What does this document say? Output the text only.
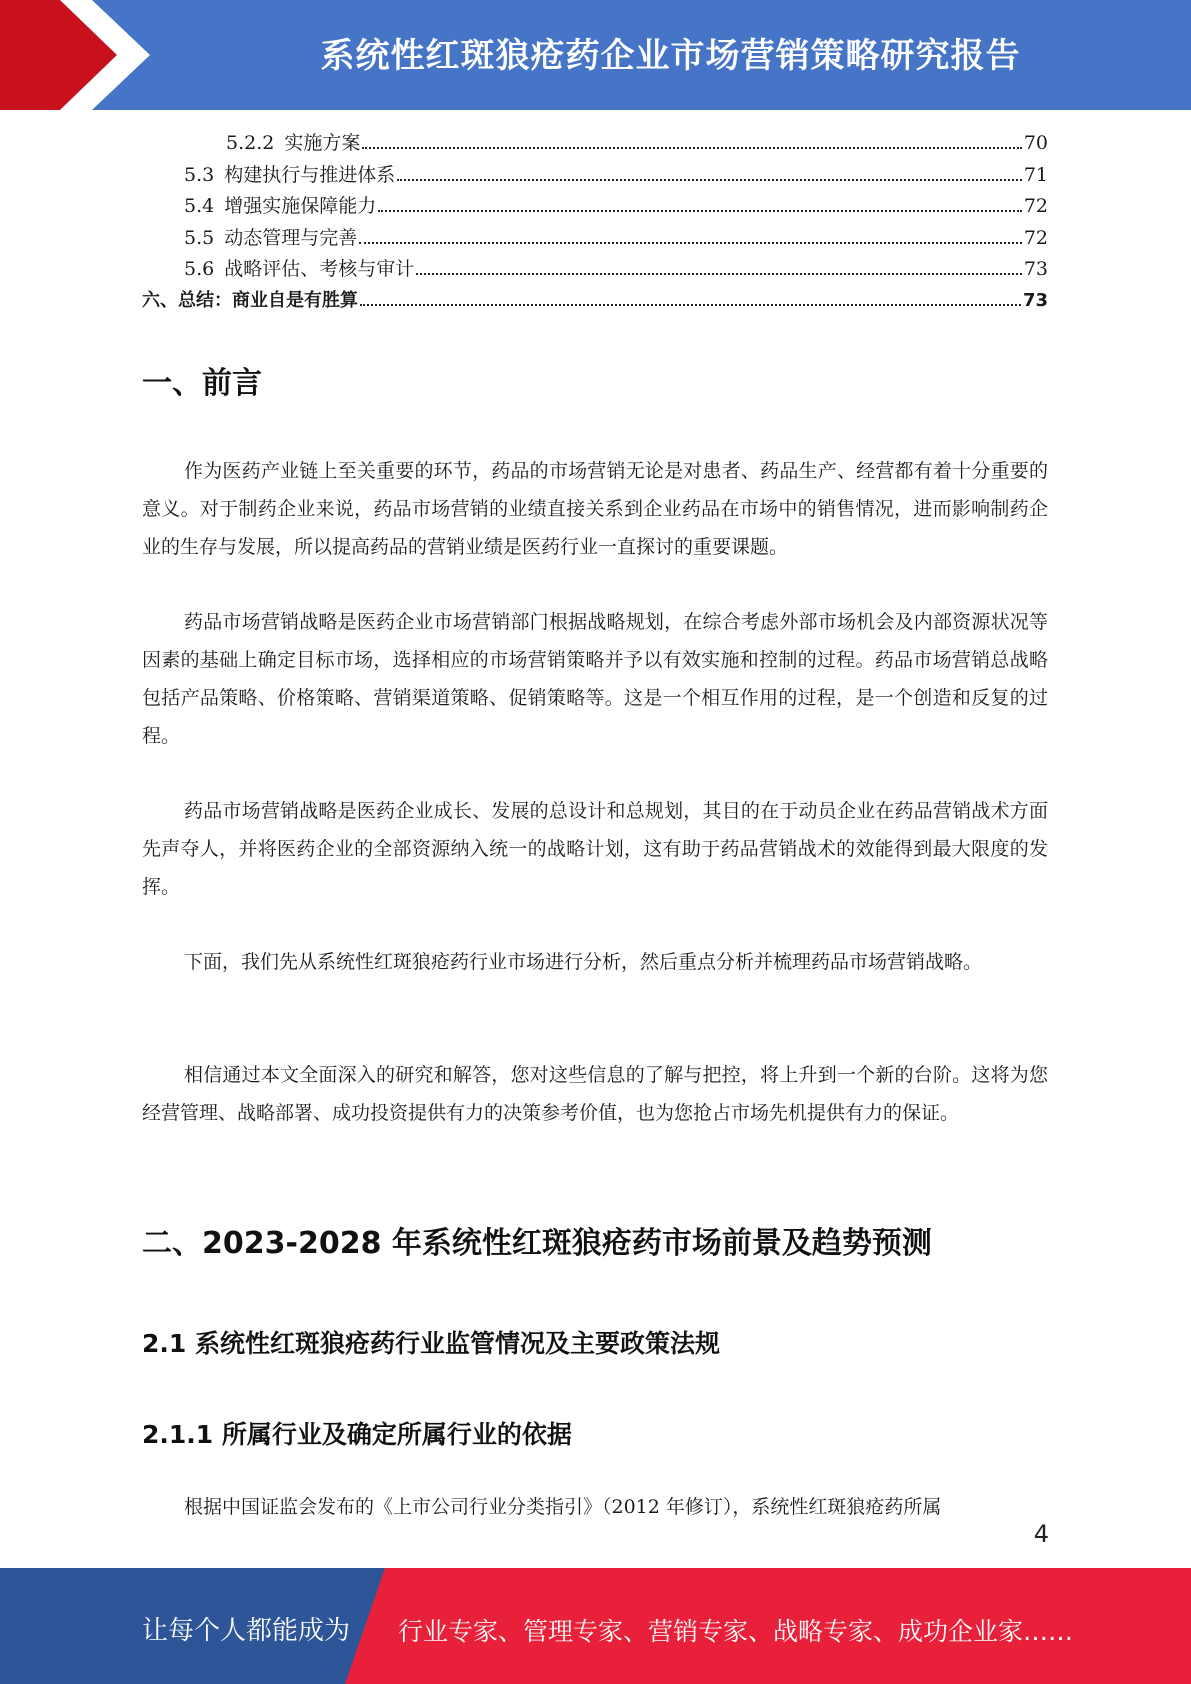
系统性红斑狼疮药企业市场营销策略研究报告
5.2.2 实施方案	70
5.3 构建执行与推进体系	71
5.4 增强实施保障能力	72
5.5 动态管理与完善	72
5.6 战略评估、考核与审计	73
六、总结：商业自是有胜算	73
一、前言

作为医药产业链上至关重要的环节，药品的市场营销无论是对患者、药品生产、经营都有着十分重要的意义。对于制药企业来说，药品市场营销的业绩直接关系到企业药品在市场中的销售情况，进而影响制药企业的生存与发展，所以提高药品的营销业绩是医药行业一直探讨的重要课题。

药品市场营销战略是医药企业市场营销部门根据战略规划，在综合考虑外部市场机会及内部资源状况等因素的基础上确定目标市场，选择相应的市场营销策略并予以有效实施和控制的过程。药品市场营销总战略包括产品策略、价格策略、营销渠道策略、促销策略等。这是一个相互作用的过程，是一个创造和反复的过程。

药品市场营销战略是医药企业成长、发展的总设计和总规划，其目的在于动员企业在药品营销战术方面先声夺人，并将医药企业的全部资源纳入统一的战略计划，这有助于药品营销战术的效能得到最大限度的发挥。

下面，我们先从系统性红斑狼疮药行业市场进行分析，然后重点分析并梳理药品市场营销战略。

相信通过本文全面深入的研究和解答，您对这些信息的了解与把控，将上升到一个新的台阶。这将为您经营管理、战略部署、成功投资提供有力的决策参考价值，也为您抢占市场先机提供有力的保证。

二、2023-2028 年系统性红斑狼疮药市场前景及趋势预测
2.1 系统性红斑狼疮药行业监管情况及主要政策法规
2.1.1 所属行业及确定所属行业的依据

根据中国证监会发布的《上市公司行业分类指引》（2012 年修订），系统性红斑狼疮药所属

4
让每个人都能成为 行业专家、管理专家、营销专家、战略专家、成功企业家……
